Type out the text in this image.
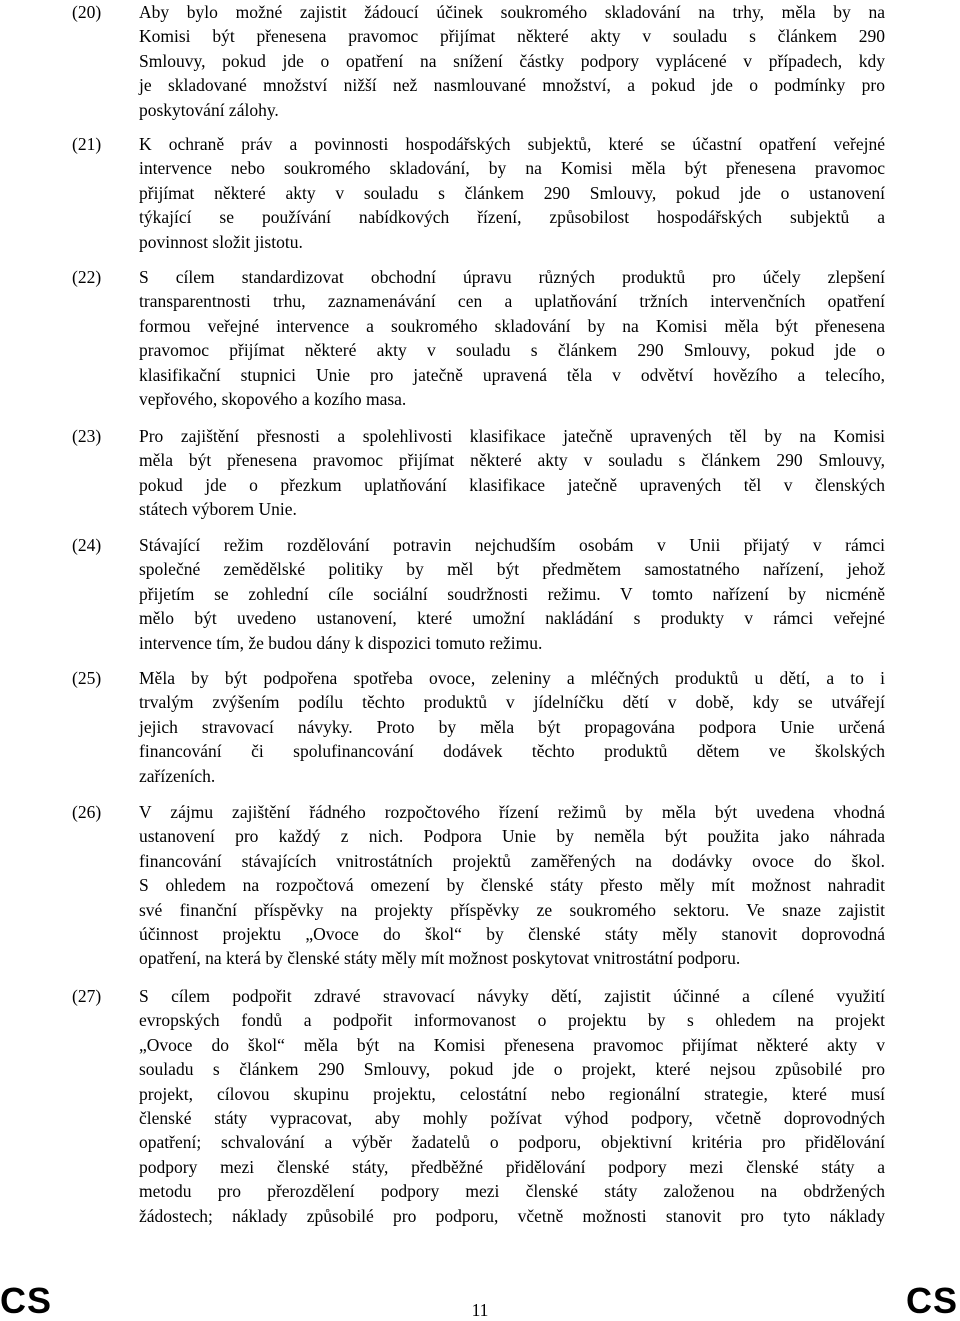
(20) Aby bylo možné zajistit žádoucí účinek soukromého skladování na trhy, měla by na
Komisi být přenesena pravomoc přijímat některé akty v souladu s článkem 290
Smlouvy, pokud jde o opatření na snížení částky podpory vyplácené v případech, kdy
je skladované množství nižší než nasmlouvané množství, a pokud jde o podmínky pro
poskytování zálohy.
(21) K ochraně práv a povinnosti hospodářských subjektů, které se účastní opatření veřejné
intervence nebo soukromého skladování, by na Komisi měla být přenesena pravomoc
přijímat některé akty v souladu s článkem 290 Smlouvy, pokud jde o ustanovení
týkající se používání nabídkových řízení, způsobilost hospodářských subjektů a
povinnost složit jistotu.
(22) S cílem standardizovat obchodní úpravu různých produktů pro účely zlepšení
transparentnosti trhu, zaznamenávání cen a uplatňování tržních intervenčních opatření
formou veřejné intervence a soukromého skladování by na Komisi měla být přenesena
pravomoc přijímat některé akty v souladu s článkem 290 Smlouvy, pokud jde o
klasifikační stupnici Unie pro jatečně upravená těla v odvětví hovězího a telecího,
vepřového, skopového a kozího masa.
(23) Pro zajištění přesnosti a spolehlivosti klasifikace jatečně upravených těl by na Komisi
měla být přenesena pravomoc přijímat některé akty v souladu s článkem 290 Smlouvy,
pokud jde o přezkum uplatňování klasifikace jatečně upravených těl v členských
státech výborem Unie.
(24) Stávající režim rozdělování potravin nejchudším osobám v Unii přijatý v rámci
společné zemědělské politiky by měl být předmětem samostatného nařízení, jehož
přijetím se zohlední cíle sociální soudržnosti režimu. V tomto nařízení by nicméně
mělo být uvedeno ustanovení, které umožní nakládání s produkty v rámci veřejné
intervence tím, že budou dány k dispozici tomuto režimu.
(25) Měla by být podpořena spotřeba ovoce, zeleniny a mléčných produktů u dětí, a to i
trvalým zvýšením podílu těchto produktů v jídelníčku dětí v době, kdy se utvářejí
jejich stravovací návyky. Proto by měla být propagována podpora Unie určená
financování či spolufinancování dodávek těchto produktů dětem ve školských
zařízeních.
(26) V zájmu zajištění řádného rozpočtového řízení režimů by měla být uvedena vhodná
ustanovení pro každý z nich. Podpora Unie by neměla být použita jako náhrada
financování stávajících vnitrostátních projektů zaměřených na dodávky ovoce do škol.
S ohledem na rozpočtová omezení by členské státy přesto měly mít možnost nahradit
své finanční příspěvky na projekty příspěvky ze soukromého sektoru. Ve snaze zajistit
účinnost projektu „Ovoce do škol“ by členské státy měly stanovit doprovodná
opatření, na která by členské státy měly mít možnost poskytovat vnitrostátní podporu.
(27) S cílem podpořit zdravé stravovací návyky dětí, zajistit účinné a cílené využití
evropských fondů a podpořit informovanost o projektu by s ohledem na projekt
„Ovoce do škol“ měla být na Komisi přenesena pravomoc přijímat některé akty v
souladu s článkem 290 Smlouvy, pokud jde o projekt, které nejsou způsobilé pro
projekt, cílovou skupinu projektu, celostátní nebo regionální strategie, které musí
členské státy vypracovat, aby mohly požívat výhod podpory, včetně doprovodných
opatření; schvalování a výběr žadatelů o podporu, objektivní kritéria pro přidělování
podpory mezi členské státy, předběžné přidělování podpory mezi členské státy a
metodu pro přerozdělení podpory mezi členské státy založenou na obdržených
žádostech; náklady způsobilé pro podporu, včetně možnosti stanovit pro tyto náklady
CS	11	CS
